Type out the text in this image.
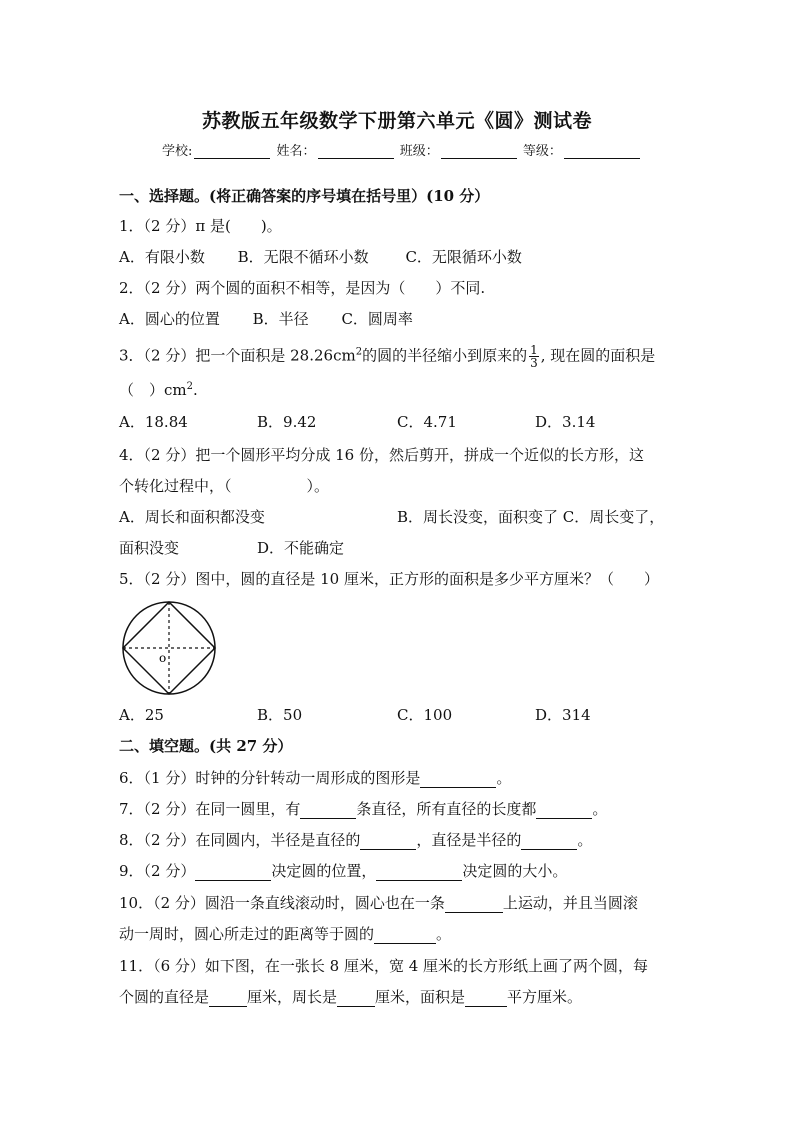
苏教版五年级数学下册第六单元《圆》测试卷
学校:	姓名：	班级：	等级：
一、选择题。(将正确答案的序号填在括号里）(10 分）
1．（2 分）π 是(　　)。
A．有限小数 B．无限不循环小数 C．无限循环小数
2．（2 分）两个圆的面积不相等，是因为（　　）不同.
A．圆心的位置 B．半径 C．圆周率
3．（2 分）把一个面积是 $28.26cm^2$的圆的半径缩小到原来的 $\frac{1}{3}$ , 现在圆的面积是
（　）$cm^2$.
A．18.84	B．9.42	C．4.71	D．3.14
4．（2 分）把一个圆形平均分成 16 份，然后剪开，拼成一个近似的长方形，这
个转化过程中，（　　　　　）。
A．周长和面积都没变	B．周长没变，面积变了 C．周长变了，
面积没变	D．不能确定
5．（2 分）图中，圆的直径是 10 厘米，正方形的面积是多少平方厘米？（　　）
o
A．25	B．50	C．100	D．314
二、填空题。(共 27 分）
6．（1 分）时钟的分针转动一周形成的图形是	。
7．（2 分）在同一圆里，有	条直径，所有直径的长度都	。
8．（2 分）在同圆内，半径是直径的	，直径是半径的	。
9．（2 分）	决定圆的位置，	决定圆的大小。
10．（2 分）圆沿一条直线滚动时，圆心也在一条	上运动，并且当圆滚
动一周时，圆心所走过的距离等于圆的	。
11．（6 分）如下图，在一张长 8 厘米，宽 4 厘米的长方形纸上画了两个圆，每
个圆的直径是	厘米，周长是	厘米，面积是	平方厘米。
